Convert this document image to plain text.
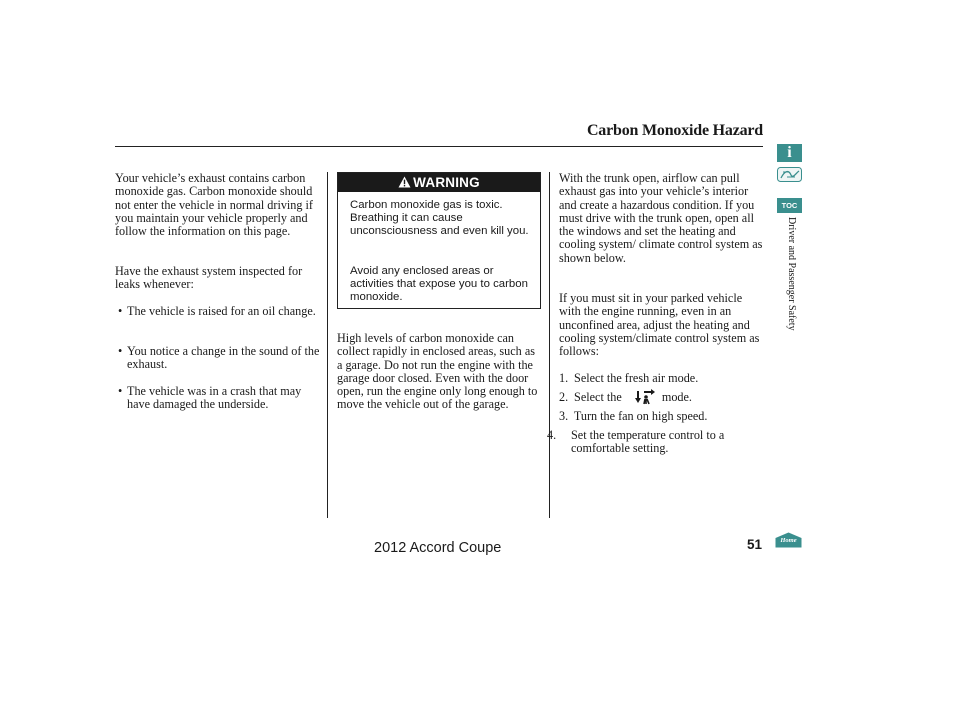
Carbon Monoxide Hazard

Your vehicle’s exhaust contains carbon monoxide gas. Carbon monoxide should not enter the vehicle in normal driving if you maintain your vehicle properly and follow the information on this page.

Have the exhaust system inspected for leaks whenever:

• The vehicle is raised for an oil change.
• You notice a change in the sound of the exhaust.
• The vehicle was in a crash that may have damaged the underside.
WARNING
Carbon monoxide gas is toxic. Breathing it can cause unconsciousness and even kill you.
Avoid any enclosed areas or activities that expose you to carbon monoxide.

High levels of carbon monoxide can collect rapidly in enclosed areas, such as a garage. Do not run the engine with the garage door closed. Even with the door open, run the engine only long enough to move the vehicle out of the garage.

With the trunk open, airflow can pull exhaust gas into your vehicle’s interior and create a hazardous condition. If you must drive with the trunk open, open all the windows and set the heating and cooling system/ climate control system as shown below.

If you must sit in your parked vehicle with the engine running, even in an unconfined area, adjust the heating and cooling system/climate control system as follows:

1. Select the fresh air mode.
2. Select the	mode.
3. Turn the fan on high speed.
4. Set the temperature control to a comfortable setting.
2012 Accord Coupe	51
i
TOC
Driver and Passenger Safety
Home
